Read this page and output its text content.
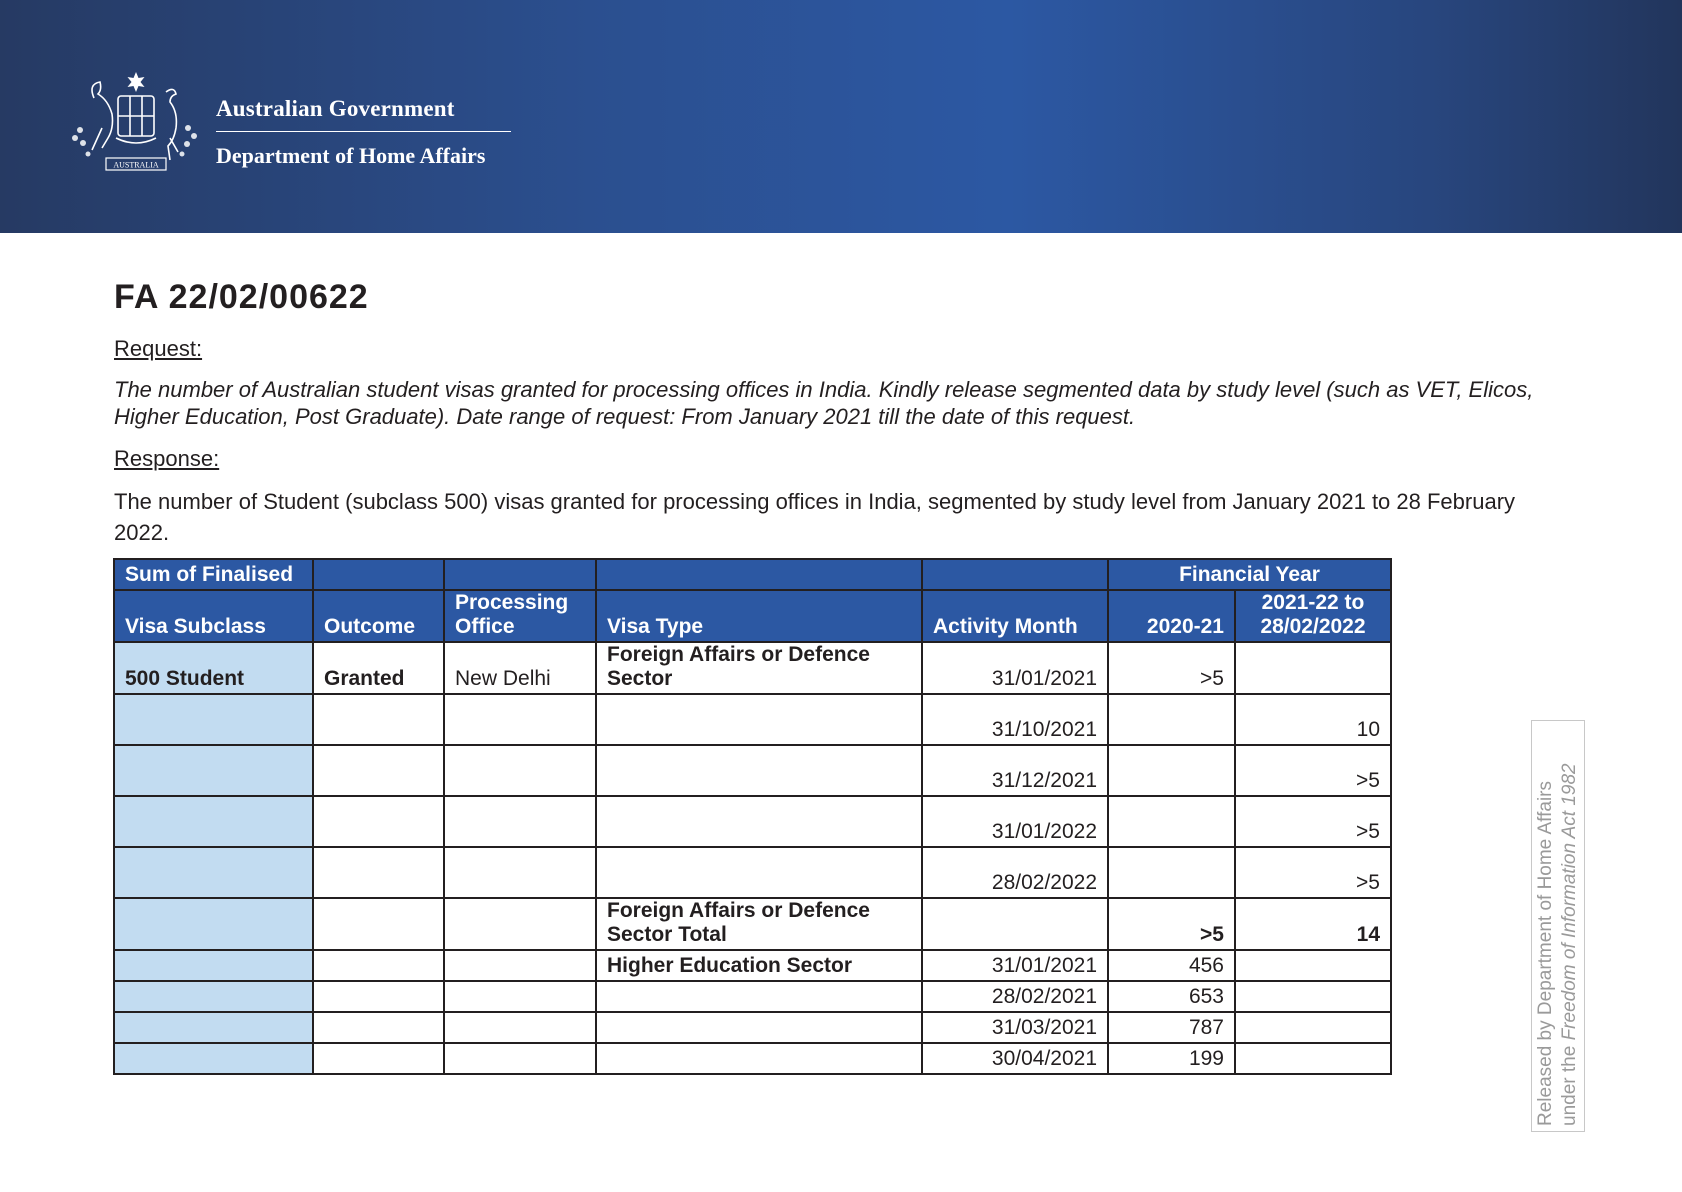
AUSTRALIA
Australian Government
Department of Home Affairs
FA 22/02/00622
Request:
The number of Australian student visas granted for processing offices in India. Kindly release segmented data by study level (such as VET, Elicos, Higher Education, Post Graduate). Date range of request: From January 2021 till the date of this request.
Response:
The number of Student (subclass 500) visas granted for processing offices in India, segmented by study level from January 2021 to 28 February 2022.
Sum of Finalised					Financial Year	
Visa Subclass	Outcome	Processing Office	Visa Type	Activity Month	2020-21	2021-22 to 28/02/2022
500 Student	Granted	New Delhi	Foreign Affairs or Defence Sector	31/01/2021	>5	
				31/10/2021		10
				31/12/2021		>5
				31/01/2022		>5
				28/02/2022		>5
			Foreign Affairs or Defence Sector Total		>5	14
			Higher Education Sector	31/01/2021	456	
				28/02/2021	653	
				31/03/2021	787	
				30/04/2021	199		Released by Department of Home Affairs under the Freedom of Information Act 1982
